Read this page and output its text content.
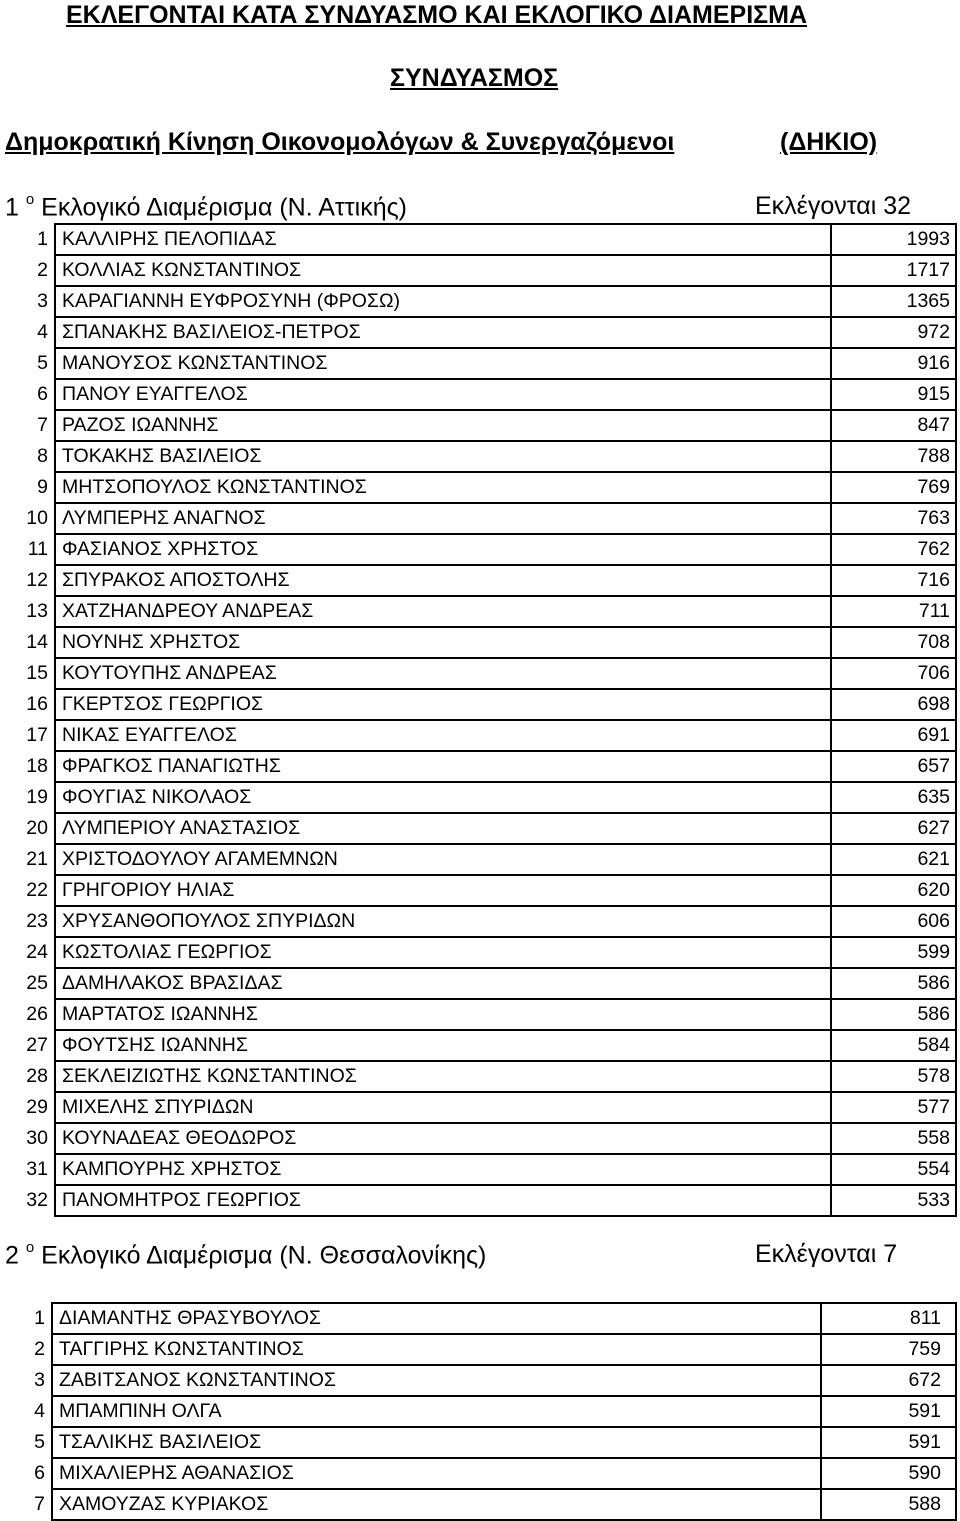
ΕΚΛΕΓΟΝΤΑΙ ΚΑΤΑ ΣΥΝΔΥΑΣΜΟ ΚΑΙ ΕΚΛΟΓΙΚΟ ΔΙΑΜΕΡΙΣΜΑ
ΣΥΝΔΥΑΣΜΟΣ
Δημοκρατική Κίνηση Οικονομολόγων & Συνεργαζόμενοι	(ΔΗΚΙΟ)
1 $^o$ Εκλογικό Διαμέρισμα (Ν. Αττικής)	Εκλέγονται 32
1	ΚΑΛΛΙΡΗΣ ΠΕΛΟΠΙΔΑΣ	1993
2	ΚΟΛΛΙΑΣ ΚΩΝΣΤΑΝΤΙΝΟΣ	1717
3	ΚΑΡΑΓΙΑΝΝΗ ΕΥΦΡΟΣΥΝΗ (ΦΡΟΣΩ)	1365
4	ΣΠΑΝΑΚΗΣ ΒΑΣΙΛΕΙΟΣ-ΠΕΤΡΟΣ	972
5	ΜΑΝΟΥΣΟΣ ΚΩΝΣΤΑΝΤΙΝΟΣ	916
6	ΠΑΝΟΥ ΕΥΑΓΓΕΛΟΣ	915
7	ΡΑΖΟΣ ΙΩΑΝΝΗΣ	847
8	ΤΟΚΑΚΗΣ ΒΑΣΙΛΕΙΟΣ	788
9	ΜΗΤΣΟΠΟΥΛΟΣ ΚΩΝΣΤΑΝΤΙΝΟΣ	769
10	ΛΥΜΠΕΡΗΣ ΑΝΑΓΝΟΣ	763
11	ΦΑΣΙΑΝΟΣ ΧΡΗΣΤΟΣ	762
12	ΣΠΥΡΑΚΟΣ ΑΠΟΣΤΟΛΗΣ	716
13	ΧΑΤΖΗΑΝΔΡΕΟΥ ΑΝΔΡΕΑΣ	711
14	ΝΟΥΝΗΣ ΧΡΗΣΤΟΣ	708
15	ΚΟΥΤΟΥΠΗΣ ΑΝΔΡΕΑΣ	706
16	ΓΚΕΡΤΣΟΣ ΓΕΩΡΓΙΟΣ	698
17	ΝΙΚΑΣ ΕΥΑΓΓΕΛΟΣ	691
18	ΦΡΑΓΚΟΣ ΠΑΝΑΓΙΩΤΗΣ	657
19	ΦΟΥΓΙΑΣ ΝΙΚΟΛΑΟΣ	635
20	ΛΥΜΠΕΡΙΟΥ ΑΝΑΣΤΑΣΙΟΣ	627
21	ΧΡΙΣΤΟΔΟΥΛΟΥ ΑΓΑΜΕΜΝΩΝ	621
22	ΓΡΗΓΟΡΙΟΥ ΗΛΙΑΣ	620
23	ΧΡΥΣΑΝΘΟΠΟΥΛΟΣ ΣΠΥΡΙΔΩΝ	606
24	ΚΩΣΤΟΛΙΑΣ ΓΕΩΡΓΙΟΣ	599
25	ΔΑΜΗΛΑΚΟΣ ΒΡΑΣΙΔΑΣ	586
26	ΜΑΡΤΑΤΟΣ ΙΩΑΝΝΗΣ	586
27	ΦΟΥΤΣΗΣ ΙΩΑΝΝΗΣ	584
28	ΣΕΚΛΕΙΖΙΩΤΗΣ ΚΩΝΣΤΑΝΤΙΝΟΣ	578
29	ΜΙΧΕΛΗΣ ΣΠΥΡΙΔΩΝ	577
30	ΚΟΥΝΑΔΕΑΣ ΘΕΟΔΩΡΟΣ	558
31	ΚΑΜΠΟΥΡΗΣ ΧΡΗΣΤΟΣ	554
32	ΠΑΝΟΜΗΤΡΟΣ ΓΕΩΡΓΙΟΣ	533
2 $^o$ Εκλογικό Διαμέρισμα (Ν. Θεσσαλονίκης)	Εκλέγονται 7
1	ΔΙΑΜΑΝΤΗΣ ΘΡΑΣΥΒΟΥΛΟΣ	811
2	ΤΑΓΓΙΡΗΣ ΚΩΝΣΤΑΝΤΙΝΟΣ	759
3	ΖΑΒΙΤΣΑΝΟΣ ΚΩΝΣΤΑΝΤΙΝΟΣ	672
4	ΜΠΑΜΠΙΝΗ ΟΛΓΑ	591
5	ΤΣΑΛΙΚΗΣ ΒΑΣΙΛΕΙΟΣ	591
6	ΜΙΧΑΛΙΕΡΗΣ ΑΘΑΝΑΣΙΟΣ	590
7	ΧΑΜΟΥΖΑΣ ΚΥΡΙΑΚΟΣ	588
